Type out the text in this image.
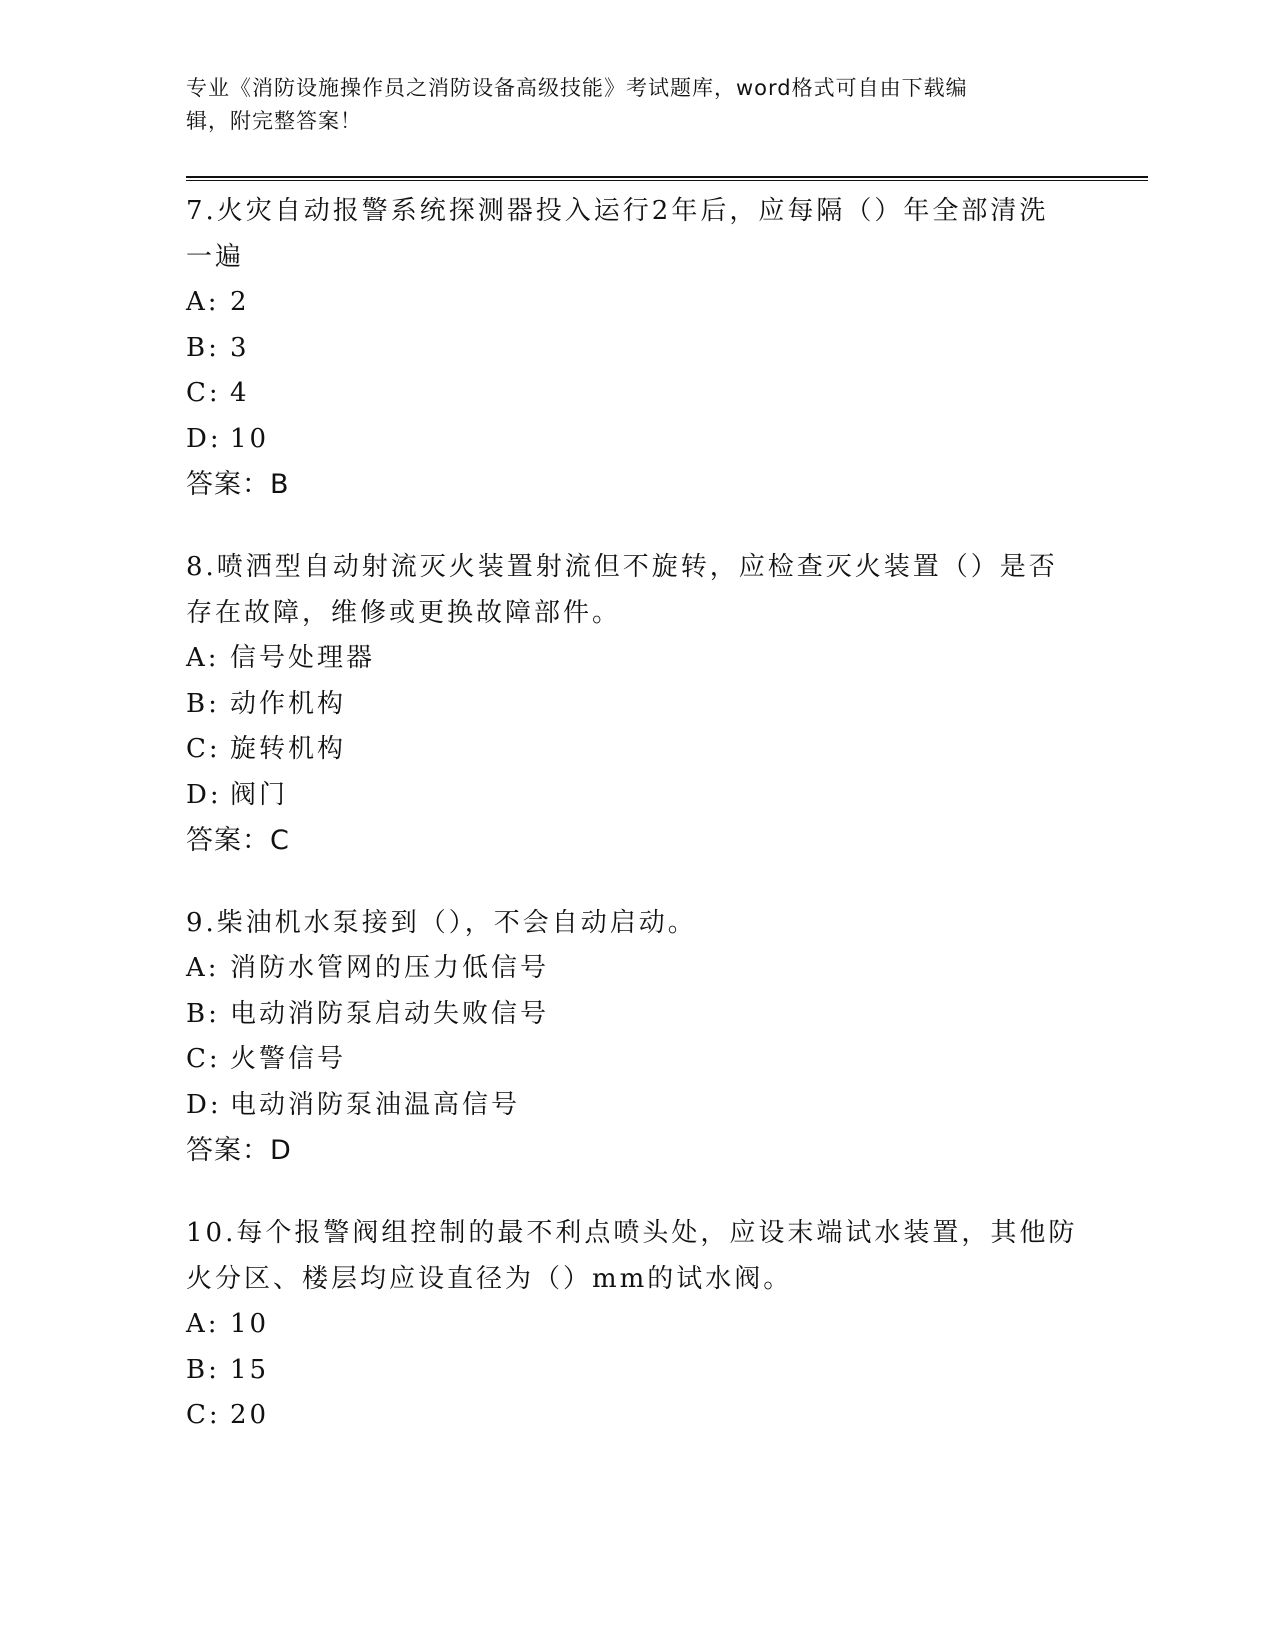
专业《消防设施操作员之消防设备高级技能》考试题库，word格式可自由下载编
辑，附完整答案！
7.火灾自动报警系统探测器投入运行2年后，应每隔（）年全部清洗
一遍
A: 2
B: 3
C: 4
D: 10
答案：B
8.喷洒型自动射流灭火装置射流但不旋转，应检查灭火装置（）是否
存在故障，维修或更换故障部件。
A: 信号处理器
B: 动作机构
C: 旋转机构
D: 阀门
答案：C
9.柴油机水泵接到（），不会自动启动。
A: 消防水管网的压力低信号
B: 电动消防泵启动失败信号
C: 火警信号
D: 电动消防泵油温高信号
答案：D
10.每个报警阀组控制的最不利点喷头处，应设末端试水装置，其他防
火分区、楼层均应设直径为（）mm的试水阀。
A: 10
B: 15
C: 20
